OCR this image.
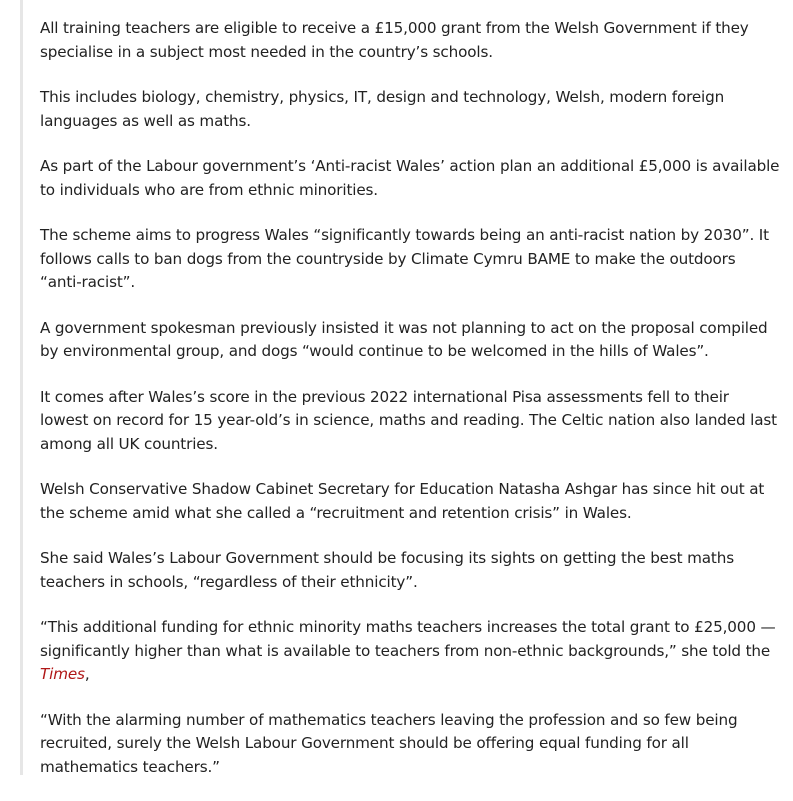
All training teachers are eligible to receive a £15,000 grant from the Welsh Government if they specialise in a subject most needed in the country’s schools.

This includes biology, chemistry, physics, IT, design and technology, Welsh, modern foreign languages as well as maths.

As part of the Labour government’s ‘Anti-racist Wales’ action plan an additional £5,000 is available to individuals who are from ethnic minorities.

The scheme aims to progress Wales “significantly towards being an anti-racist nation by 2030”. It follows calls to ban dogs from the countryside by Climate Cymru BAME to make the outdoors “anti-racist”.

A government spokesman previously insisted it was not planning to act on the proposal compiled by environmental group, and dogs “would continue to be welcomed in the hills of Wales”.

It comes after Wales’s score in the previous 2022 international Pisa assessments fell to their lowest on record for 15 year-old’s in science, maths and reading. The Celtic nation also landed last among all UK countries.

Welsh Conservative Shadow Cabinet Secretary for Education Natasha Ashgar has since hit out at the scheme amid what she called a “recruitment and retention crisis” in Wales.

She said Wales’s Labour Government should be focusing its sights on getting the best maths teachers in schools, “regardless of their ethnicity”.

“This additional funding for ethnic minority maths teachers increases the total grant to £25,000 — significantly higher than what is available to teachers from non-ethnic backgrounds,” she told the Times,

“With the alarming number of mathematics teachers leaving the profession and so few being recruited, surely the Welsh Labour Government should be offering equal funding for all mathematics teachers.”
